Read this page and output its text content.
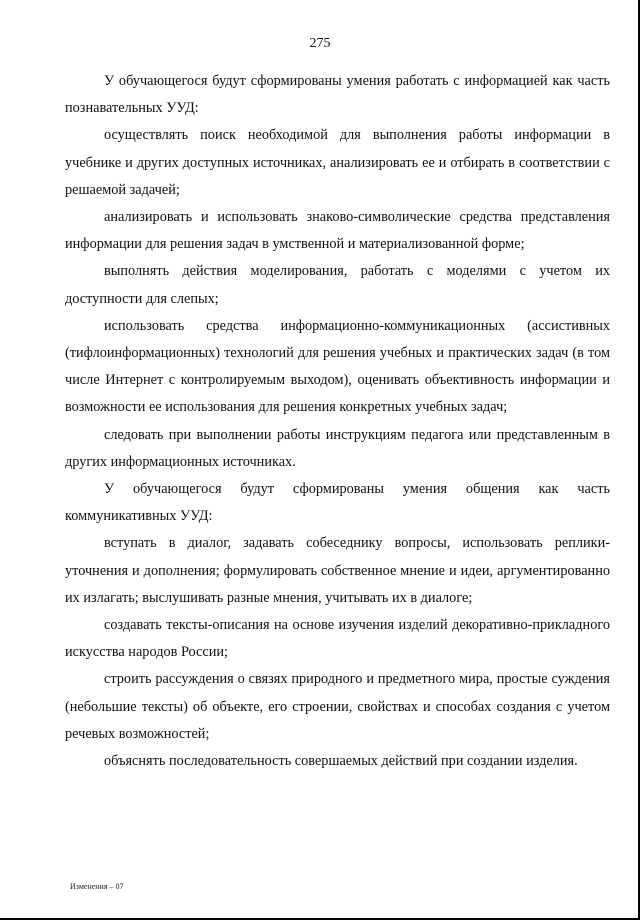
275

У обучающегося будут сформированы умения работать с информацией как часть познавательных УУД:

осуществлять поиск необходимой для выполнения работы информации в учебнике и других доступных источниках, анализировать ее и отбирать в соответствии с решаемой задачей;

анализировать и использовать знаково-символические средства представления информации для решения задач в умственной и материализованной форме;

выполнять действия моделирования, работать с моделями с учетом их доступности для слепых;

использовать средства информационно-коммуникационных (ассистивных (тифлоинформационных) технологий для решения учебных и практических задач (в том числе Интернет с контролируемым выходом), оценивать объективность информации и возможности ее использования для решения конкретных учебных задач;

следовать при выполнении работы инструкциям педагога или представленным в других информационных источниках.

У обучающегося будут сформированы умения общения как часть коммуникативных УУД:

вступать в диалог, задавать собеседнику вопросы, использовать реплики-уточнения и дополнения; формулировать собственное мнение и идеи, аргументированно их излагать; выслушивать разные мнения, учитывать их в диалоге;

создавать тексты-описания на основе изучения изделий декоративно-прикладного искусства народов России;

строить рассуждения о связях природного и предметного мира, простые суждения (небольшие тексты) об объекте, его строении, свойствах и способах создания с учетом речевых возможностей;

объяснять последовательность совершаемых действий при создании изделия.

Изменения – 07
